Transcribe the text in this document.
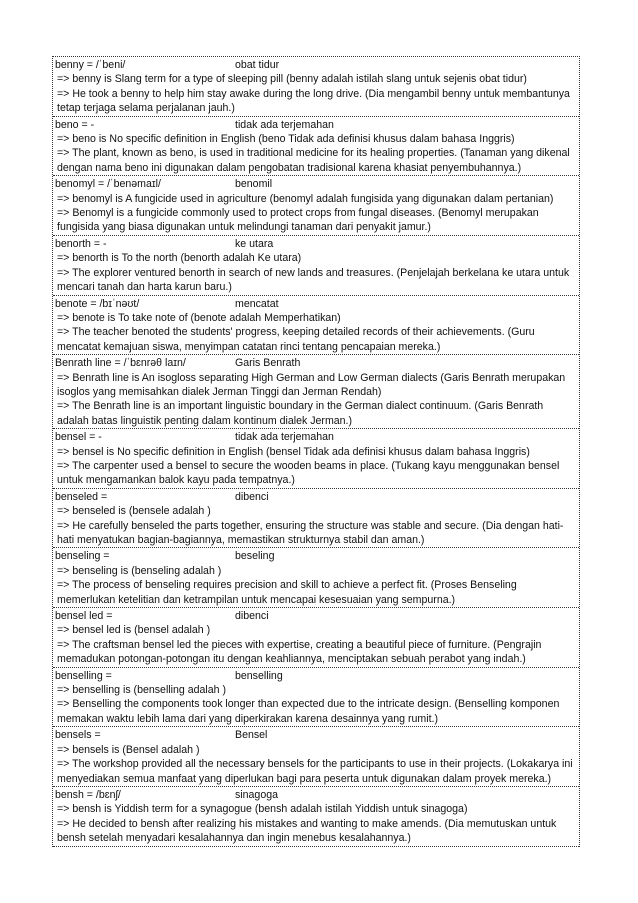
benny = /ˈbeni/	obat tidur

=> benny is Slang term for a type of sleeping pill (benny adalah istilah slang untuk sejenis obat tidur)

=> He took a benny to help him stay awake during the long drive. (Dia mengambil benny untuk membantunya tetap terjaga selama perjalanan jauh.)

beno = -	tidak ada terjemahan

=> beno is No specific definition in English (beno Tidak ada definisi khusus dalam bahasa Inggris)

=> The plant, known as beno, is used in traditional medicine for its healing properties. (Tanaman yang dikenal dengan nama beno ini digunakan dalam pengobatan tradisional karena khasiat penyembuhannya.)

benomyl = /ˈbenəmaɪl/	benomil

=> benomyl is A fungicide used in agriculture (benomyl adalah fungisida yang digunakan dalam pertanian)

=> Benomyl is a fungicide commonly used to protect crops from fungal diseases. (Benomyl merupakan fungisida yang biasa digunakan untuk melindungi tanaman dari penyakit jamur.)

benorth = -	ke utara

=> benorth is To the north (benorth adalah Ke utara)

=> The explorer ventured benorth in search of new lands and treasures. (Penjelajah berkelana ke utara untuk mencari tanah dan harta karun baru.)

benote = /bɪˈnəʊt/	mencatat

=> benote is To take note of (benote adalah Memperhatikan)

=> The teacher benoted the students' progress, keeping detailed records of their achievements. (Guru mencatat kemajuan siswa, menyimpan catatan rinci tentang pencapaian mereka.)

Benrath line = /ˈbɛnrəθ laɪn/	Garis Benrath

=> Benrath line is An isogloss separating High German and Low German dialects (Garis Benrath merupakan isoglos yang memisahkan dialek Jerman Tinggi dan Jerman Rendah)

=> The Benrath line is an important linguistic boundary in the German dialect continuum. (Garis Benrath adalah batas linguistik penting dalam kontinum dialek Jerman.)

bensel = -	tidak ada terjemahan

=> bensel is No specific definition in English (bensel Tidak ada definisi khusus dalam bahasa Inggris)

=> The carpenter used a bensel to secure the wooden beams in place. (Tukang kayu menggunakan bensel untuk mengamankan balok kayu pada tempatnya.)

benseled =	dibenci

=> benseled is (bensele adalah )

=> He carefully benseled the parts together, ensuring the structure was stable and secure. (Dia dengan hati-hati menyatukan bagian-bagiannya, memastikan strukturnya stabil dan aman.)

benseling =	beseling

=> benseling is (benseling adalah )

=> The process of benseling requires precision and skill to achieve a perfect fit. (Proses Benseling memerlukan ketelitian dan ketrampilan untuk mencapai kesesuaian yang sempurna.)

bensel led =	dibenci

=> bensel led is (bensel adalah )

=> The craftsman bensel led the pieces with expertise, creating a beautiful piece of furniture. (Pengrajin memadukan potongan-potongan itu dengan keahliannya, menciptakan sebuah perabot yang indah.)

benselling =	benselling

=> benselling is (benselling adalah )

=> Benselling the components took longer than expected due to the intricate design. (Benselling komponen memakan waktu lebih lama dari yang diperkirakan karena desainnya yang rumit.)

bensels =	Bensel

=> bensels is (Bensel adalah )

=> The workshop provided all the necessary bensels for the participants to use in their projects. (Lokakarya ini menyediakan semua manfaat yang diperlukan bagi para peserta untuk digunakan dalam proyek mereka.)

bensh = /bɛnʃ/	sinagoga

=> bensh is Yiddish term for a synagogue (bensh adalah istilah Yiddish untuk sinagoga)

=> He decided to bensh after realizing his mistakes and wanting to make amends. (Dia memutuskan untuk bensh setelah menyadari kesalahannya dan ingin menebus kesalahannya.)
